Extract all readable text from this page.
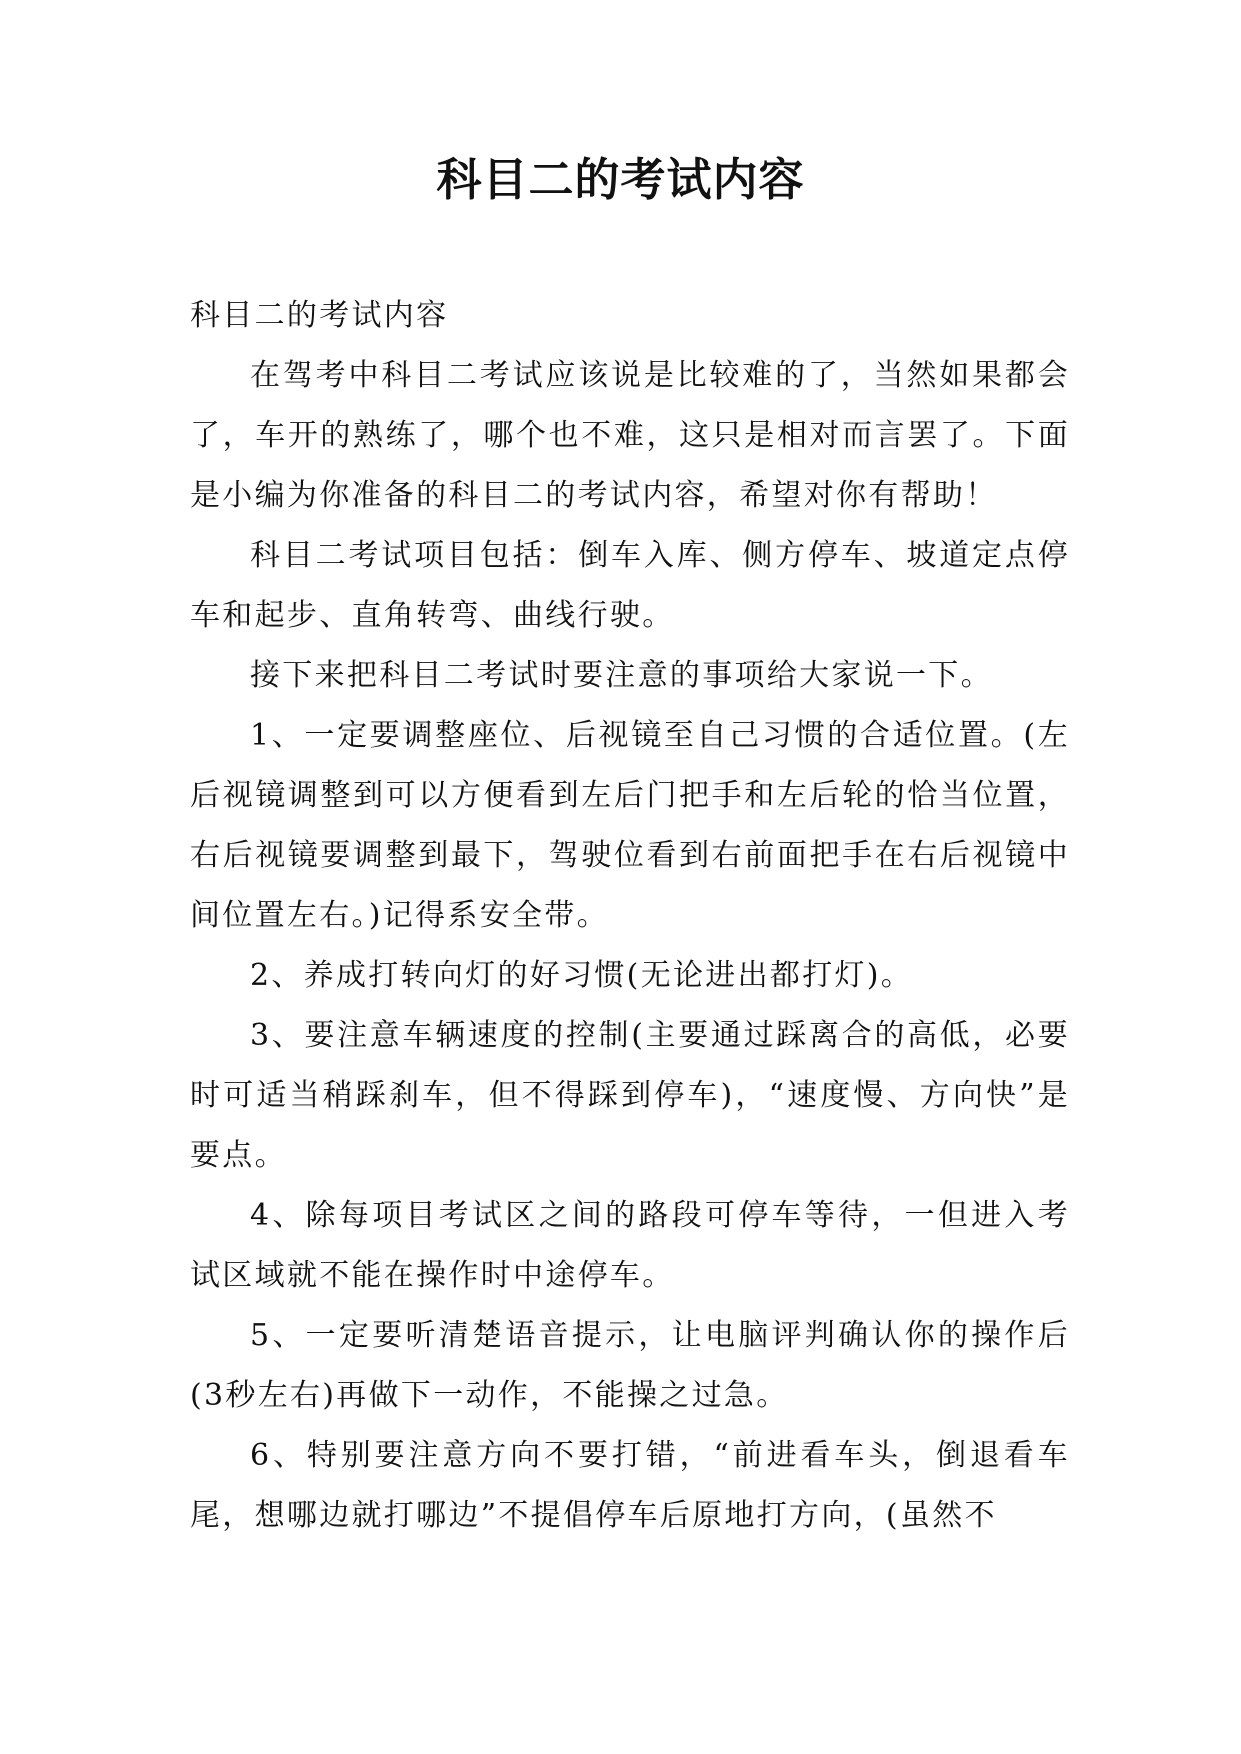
科目二的考试内容

科目二的考试内容

在驾考中科目二考试应该说是比较难的了，当然如果都会了，车开的熟练了，哪个也不难，这只是相对而言罢了。下面是小编为你准备的科目二的考试内容，希望对你有帮助！

科目二考试项目包括：倒车入库、侧方停车、坡道定点停车和起步、直角转弯、曲线行驶。

接下来把科目二考试时要注意的事项给大家说一下。

1、一定要调整座位、后视镜至自己习惯的合适位置。(左后视镜调整到可以方便看到左后门把手和左后轮的恰当位置，右后视镜要调整到最下，驾驶位看到右前面把手在右后视镜中间位置左右。)记得系安全带。

2、养成打转向灯的好习惯(无论进出都打灯)。

3、要注意车辆速度的控制(主要通过踩离合的高低，必要时可适当稍踩刹车，但不得踩到停车)，“速度慢、方向快”是要点。

4、除每项目考试区之间的路段可停车等待，一但进入考试区域就不能在操作时中途停车。

5、一定要听清楚语音提示，让电脑评判确认你的操作后(3秒左右)再做下一动作，不能操之过急。

6、特别要注意方向不要打错，“前进看车头，倒退看车尾，想哪边就打哪边”不提倡停车后原地打方向，(虽然不
